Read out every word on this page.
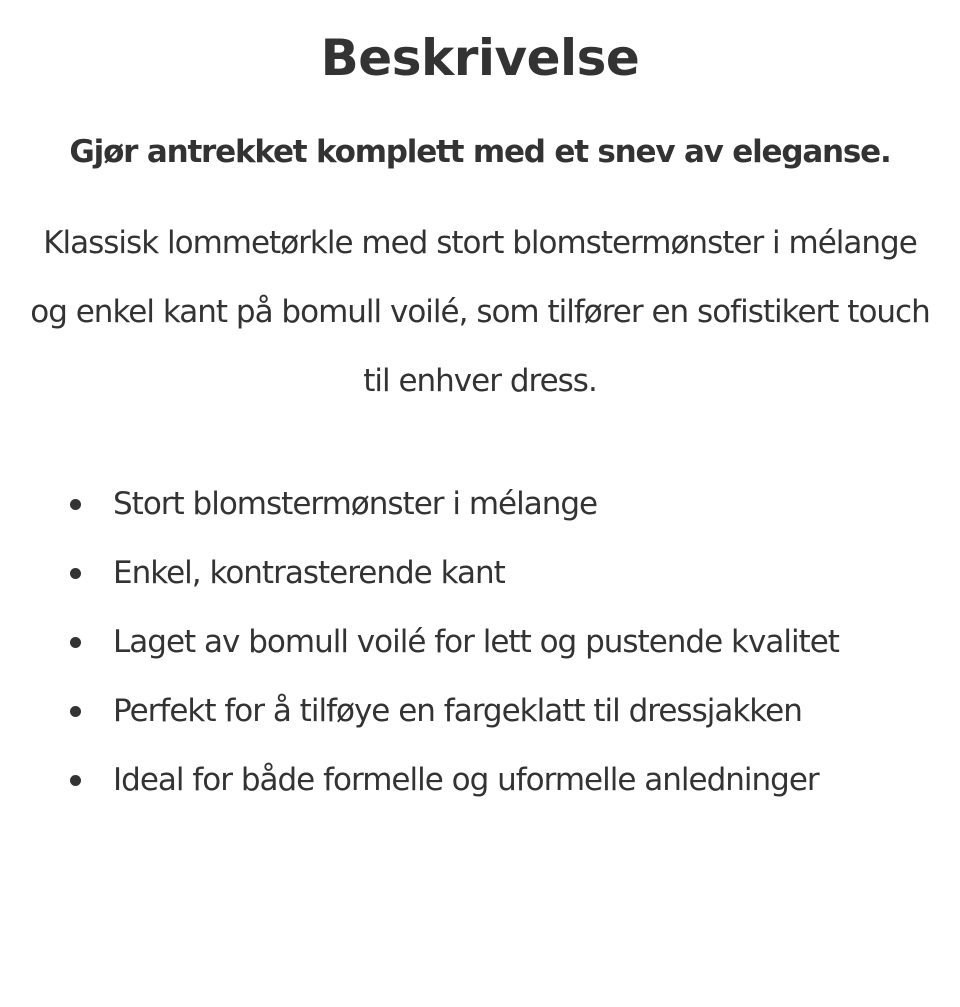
Beskrivelse

Gjør antrekket komplett med et snev av eleganse.

Klassisk lommetørkle med stort blomstermønster i mélange og enkel kant på bomull voilé, som tilfører en sofistikert touch til enhver dress.

Stort blomstermønster i mélange
Enkel, kontrasterende kant
Laget av bomull voilé for lett og pustende kvalitet
Perfekt for å tilføye en fargeklatt til dressjakken
Ideal for både formelle og uformelle anledninger
